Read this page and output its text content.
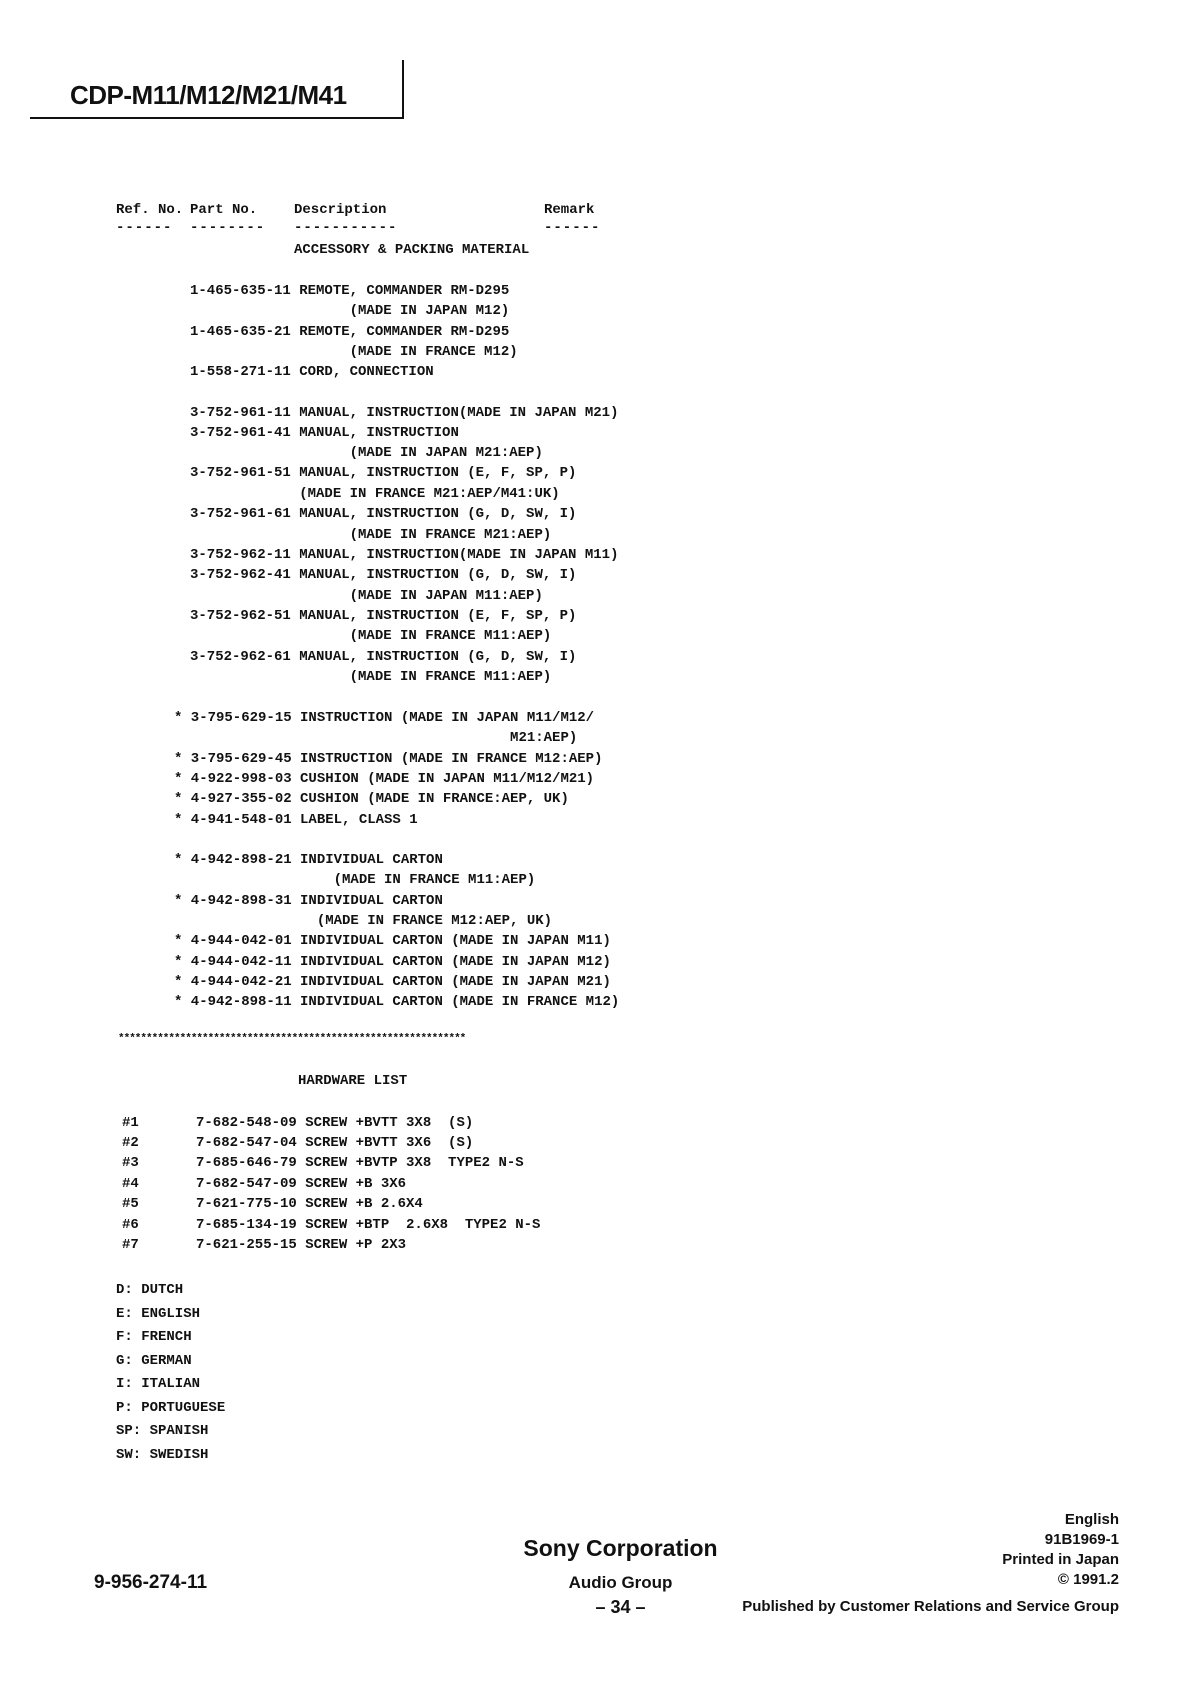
CDP-M11/M12/M21/M41
Ref. No. Part No.	Description	Remark
------ -------- -----------	------
ACCESSORY & PACKING MATERIAL
1-465-635-11 REMOTE, COMMANDER RM-D295
(MADE IN JAPAN M12)
1-465-635-21 REMOTE, COMMANDER RM-D295
(MADE IN FRANCE M12)
1-558-271-11 CORD, CONNECTION
3-752-961-11 MANUAL, INSTRUCTION(MADE IN JAPAN M21)
3-752-961-41 MANUAL, INSTRUCTION
(MADE IN JAPAN M21:AEP)
3-752-961-51 MANUAL, INSTRUCTION (E, F, SP, P)
(MADE IN FRANCE M21:AEP/M41:UK)
3-752-961-61 MANUAL, INSTRUCTION (G, D, SW, I)
(MADE IN FRANCE M21:AEP)
3-752-962-11 MANUAL, INSTRUCTION(MADE IN JAPAN M11)
3-752-962-41 MANUAL, INSTRUCTION (G, D, SW, I)
(MADE IN JAPAN M11:AEP)
3-752-962-51 MANUAL, INSTRUCTION (E, F, SP, P)
(MADE IN FRANCE M11:AEP)
3-752-962-61 MANUAL, INSTRUCTION (G, D, SW, I)
(MADE IN FRANCE M11:AEP)
* 3-795-629-15 INSTRUCTION (MADE IN JAPAN M11/M12/
M21:AEP)
* 3-795-629-45 INSTRUCTION (MADE IN FRANCE M12:AEP)
* 4-922-998-03 CUSHION (MADE IN JAPAN M11/M12/M21)
* 4-927-355-02 CUSHION (MADE IN FRANCE:AEP, UK)
* 4-941-548-01 LABEL, CLASS 1
* 4-942-898-21 INDIVIDUAL CARTON
(MADE IN FRANCE M11:AEP)
* 4-942-898-31 INDIVIDUAL CARTON
(MADE IN FRANCE M12:AEP, UK)
* 4-944-042-01 INDIVIDUAL CARTON (MADE IN JAPAN M11)
* 4-944-042-11 INDIVIDUAL CARTON (MADE IN JAPAN M12)
* 4-944-042-21 INDIVIDUAL CARTON (MADE IN JAPAN M21)
* 4-942-898-11 INDIVIDUAL CARTON (MADE IN FRANCE M12)
**************************************************************
HARDWARE LIST
#1	7-682-548-09 SCREW +BVTT 3X8  (S)
#2	7-682-547-04 SCREW +BVTT 3X6  (S)
#3	7-685-646-79 SCREW +BVTP 3X8  TYPE2 N-S
#4	7-682-547-09 SCREW +B 3X6
#5	7-621-775-10 SCREW +B 2.6X4
#6	7-685-134-19 SCREW +BTP  2.6X8  TYPE2 N-S
#7	7-621-255-15 SCREW +P 2X3
D: DUTCH
E: ENGLISH
F: FRENCH
G: GERMAN
I: ITALIAN
P: PORTUGUESE
SP: SPANISH
SW: SWEDISH
9-956-274-11
Sony Corporation
Audio Group
– 34 –
English
91B1969-1
Printed in Japan
© 1991.2
Published by Customer Relations and Service Group
